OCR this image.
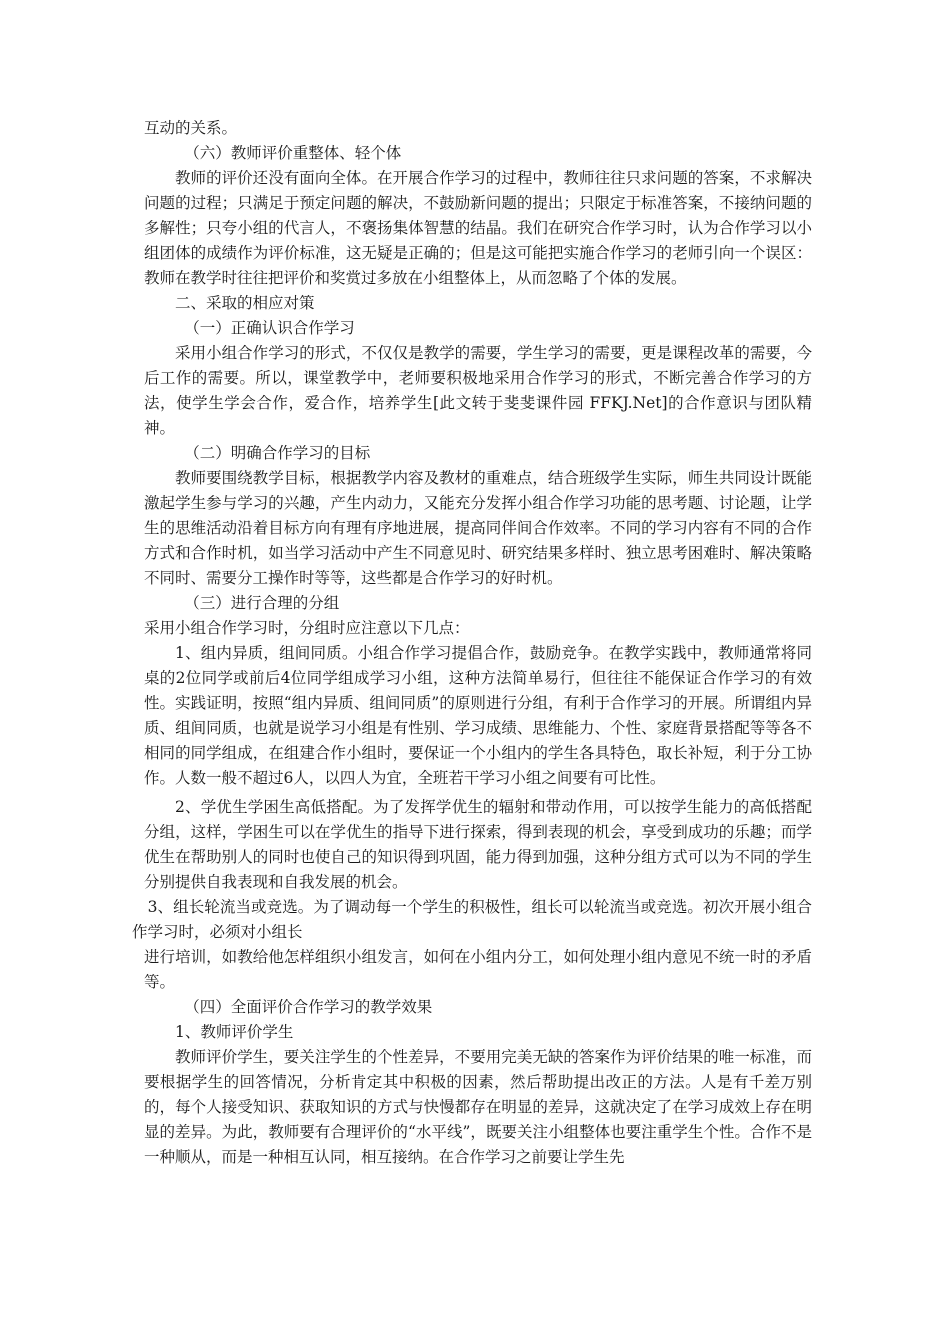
互动的关系。

（六）教师评价重整体、轻个体

教师的评价还没有面向全体。在开展合作学习的过程中，教师往往只求问题的答案，不求解决问题的过程；只满足于预定问题的解决，不鼓励新问题的提出；只限定于标准答案，不接纳问题的多解性；只夸小组的代言人，不褒扬集体智慧的结晶。我们在研究合作学习时，认为合作学习以小组团体的成绩作为评价标准，这无疑是正确的；但是这可能把实施合作学习的老师引向一个误区：教师在教学时往往把评价和奖赏过多放在小组整体上，从而忽略了个体的发展。

二、采取的相应对策

（一）正确认识合作学习

采用小组合作学习的形式，不仅仅是教学的需要，学生学习的需要，更是课程改革的需要，今后工作的需要。所以，课堂教学中，老师要积极地采用合作学习的形式，不断完善合作学习的方法，使学生学会合作，爱合作，培养学生[此文转于斐斐课件园 FFKJ.Net]的合作意识与团队精神。

（二）明确合作学习的目标

教师要围绕教学目标，根据教学内容及教材的重难点，结合班级学生实际，师生共同设计既能激起学生参与学习的兴趣，产生内动力，又能充分发挥小组合作学习功能的思考题、讨论题，让学生的思维活动沿着目标方向有理有序地进展，提高同伴间合作效率。不同的学习内容有不同的合作方式和合作时机，如当学习活动中产生不同意见时、研究结果多样时、独立思考困难时、解决策略不同时、需要分工操作时等等，这些都是合作学习的好时机。

（三）进行合理的分组

采用小组合作学习时，分组时应注意以下几点：

1、组内异质，组间同质。小组合作学习提倡合作，鼓励竞争。在教学实践中，教师通常将同桌的2位同学或前后4位同学组成学习小组，这种方法简单易行，但往往不能保证合作学习的有效性。实践证明，按照“组内异质、组间同质”的原则进行分组，有利于合作学习的开展。所谓组内异质、组间同质，也就是说学习小组是有性别、学习成绩、思维能力、个性、家庭背景搭配等等各不相同的同学组成，在组建合作小组时，要保证一个小组内的学生各具特色，取长补短，利于分工协作。人数一般不超过6人，以四人为宜，全班若干学习小组之间要有可比性。

2、学优生学困生高低搭配。为了发挥学优生的辐射和带动作用，可以按学生能力的高低搭配分组，这样，学困生可以在学优生的指导下进行探索，得到表现的机会，享受到成功的乐趣；而学优生在帮助别人的同时也使自己的知识得到巩固，能力得到加强，这种分组方式可以为不同的学生分别提供自我表现和自我发展的机会。

　3、组长轮流当或竞选。为了调动每一个学生的积极性，组长可以轮流当或竞选。初次开展小组合作学习时，必须对小组长

进行培训，如教给他怎样组织小组发言，如何在小组内分工，如何处理小组内意见不统一时的矛盾等。

（四）全面评价合作学习的教学效果

1、教师评价学生

教师评价学生，要关注学生的个性差异，不要用完美无缺的答案作为评价结果的唯一标准，而要根据学生的回答情况，分析肯定其中积极的因素，然后帮助提出改正的方法。人是有千差万别的，每个人接受知识、获取知识的方式与快慢都存在明显的差异，这就决定了在学习成效上存在明显的差异。为此，教师要有合理评价的“水平线”，既要关注小组整体也要注重学生个性。合作不是一种顺从，而是一种相互认同，相互接纳。在合作学习之前要让学生先
